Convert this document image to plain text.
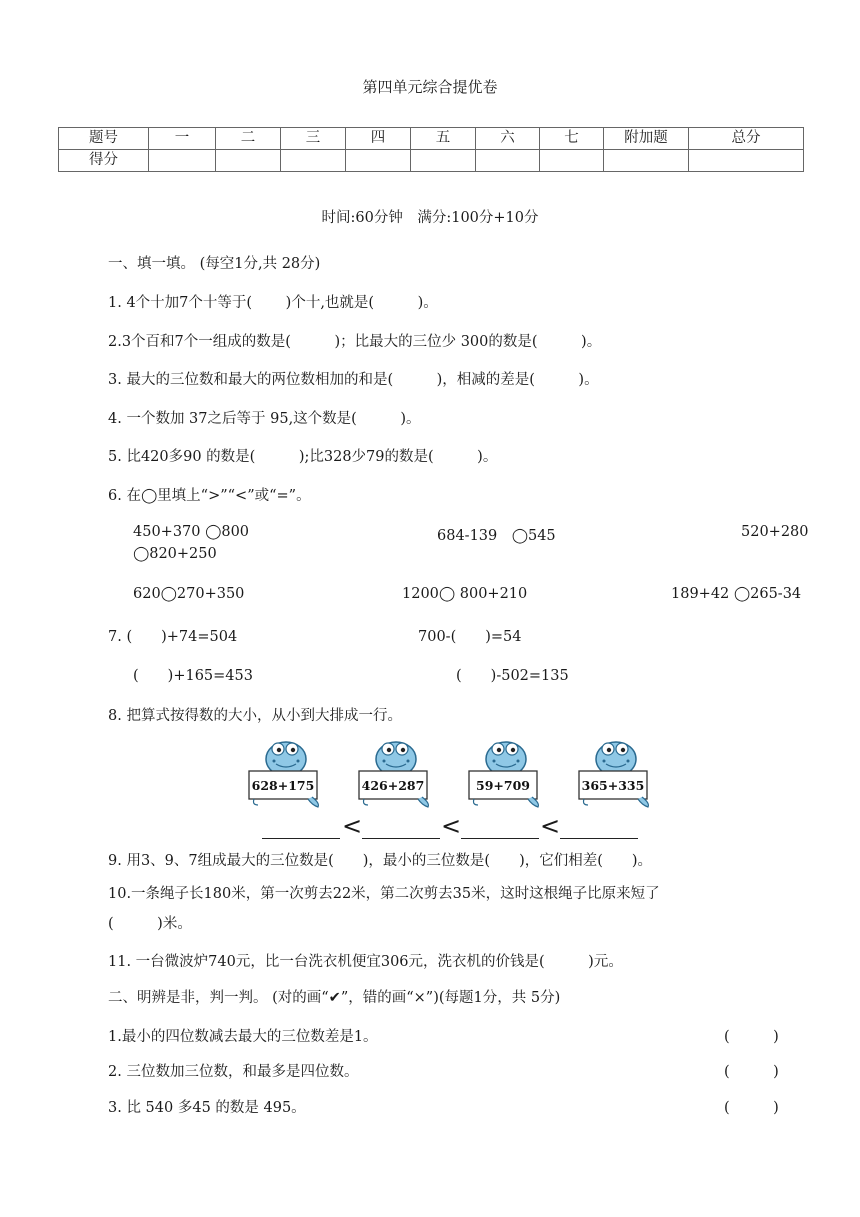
第四单元综合提优卷
题号	一	二	三	四	五	六	七	附加题	总分
得分									
时间:60分钟　满分:100分+10分
一、填一填。 (每空1分,共 28分)
1. 4个十加7个十等于(　　 )个十,也就是(　　　)。
2.3个百和7个一组成的数是(　　　)；比最大的三位少 300的数是(　　　)。
3. 最大的三位数和最大的两位数相加的和是(　　　)，相减的差是(　　　)。
4. 一个数加 37之后等于 95,这个数是(　　　)。
5. 比420多90 的数是(　　　);比328少79的数是(　　　)。
6. 在◯里填上“>”“<”或“=”。
450+370 ◯800	684-139　◯545	520+280
◯820+250
620◯270+350	1200◯ 800+210	189+42 ◯265-34
7. (　　)+74=504	700-(　　)=54
(　　)+165=453	(　　)-502=135
8. 把算式按得数的大小，从小到大排成一行。
628+175	426+287	59+709	365+335
<	<	<
9. 用3、9、7组成最大的三位数是(　　)，最小的三位数是(　　)，它们相差(　　)。
10.一条绳子长180米，第一次剪去22米，第二次剪去35米，这时这根绳子比原来短了
(　　　)米。
11. 一台微波炉740元，比一台洗衣机便宜306元，洗衣机的价钱是(　　　)元。
二、明辨是非，判一判。 (对的画“✔”，错的画“×”)(每题1分，共 5分)
1.最小的四位数减去最大的三位数差是1。	(　　　)
2. 三位数加三位数，和最多是四位数。	(　　　)
3. 比 540 多45 的数是 495。	(　　　)
